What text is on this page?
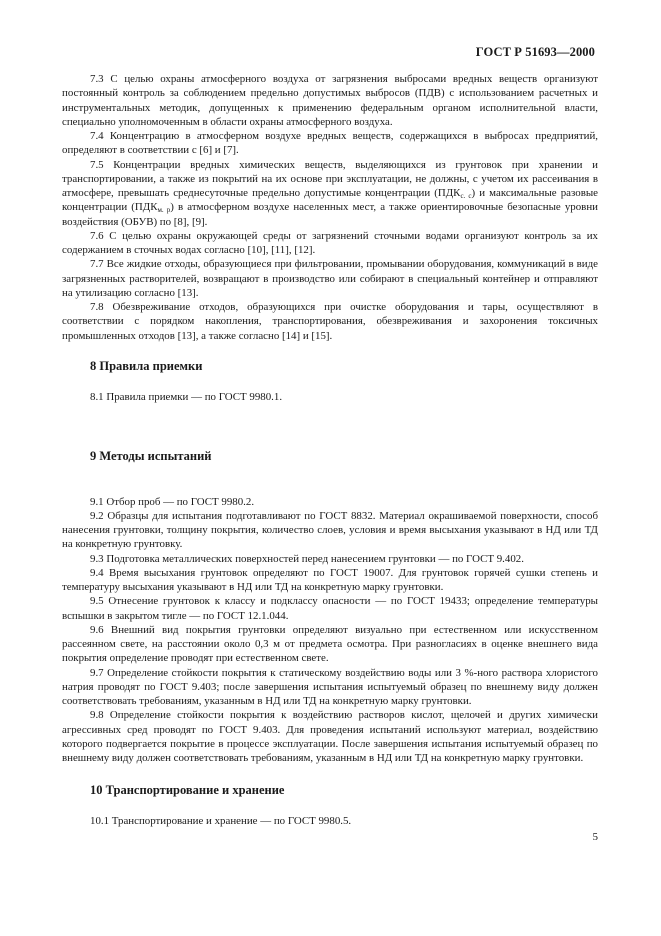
ГОСТ Р 51693—2000

7.3 С целью охраны атмосферного воздуха от загрязнения выбросами вредных веществ организуют постоянный контроль за соблюдением предельно допустимых выбросов (ПДВ) с использованием расчетных и инструментальных методик, допущенных к применению федеральным органом исполнительной власти, специально уполномоченным в области охраны атмосферного воздуха.

7.4 Концентрацию в атмосферном воздухе вредных веществ, содержащихся в выбросах предприятий, определяют в соответствии с [6] и [7].

7.5 Концентрации вредных химических веществ, выделяющихся из грунтовок при хранении и транспортировании, а также из покрытий на их основе при эксплуатации, не должны, с учетом их рассеивания в атмосфере, превышать среднесуточные предельно допустимые концентрации $(ПДК_{с. с})$ и максимальные разовые концентрации $(ПДК_{м. р})$ в атмосферном воздухе населенных мест, а также ориентировочные безопасные уровни воздействия (ОБУВ) по [8], [9].

7.6 С целью охраны окружающей среды от загрязнений сточными водами организуют контроль за их содержанием в сточных водах согласно [10], [11], [12].

7.7 Все жидкие отходы, образующиеся при фильтровании, промывании оборудования, коммуникаций в виде загрязненных растворителей, возвращают в производство или собирают в специальный контейнер и отправляют на утилизацию согласно [13].

7.8 Обезвреживание отходов, образующихся при очистке оборудования и тары, осуществляют в соответствии с порядком накопления, транспортирования, обезвреживания и захоронения токсичных промышленных отходов [13], а также согласно [14] и [15].

8 Правила приемки

8.1 Правила приемки — по ГОСТ 9980.1.

9 Методы испытаний

9.1 Отбор проб — по ГОСТ 9980.2.

9.2 Образцы для испытания подготавливают по ГОСТ 8832. Материал окрашиваемой поверхности, способ нанесения грунтовки, толщину покрытия, количество слоев, условия и время высыхания указывают в НД или ТД на конкретную грунтовку.

9.3 Подготовка металлических поверхностей перед нанесением грунтовки — по ГОСТ 9.402.

9.4 Время высыхания грунтовок определяют по ГОСТ 19007. Для грунтовок горячей сушки степень и температуру высыхания указывают в НД или ТД на конкретную марку грунтовки.

9.5 Отнесение грунтовок к классу и подклассу опасности — по ГОСТ 19433; определение температуры вспышки в закрытом тигле — по ГОСТ 12.1.044.

9.6 Внешний вид покрытия грунтовки определяют визуально при естественном или искусственном рассеянном свете, на расстоянии около 0,3 м от предмета осмотра. При разногласиях в оценке внешнего вида покрытия определение проводят при естественном свете.

9.7 Определение стойкости покрытия к статическому воздействию воды или 3 %-ного раствора хлористого натрия проводят по ГОСТ 9.403; после завершения испытания испытуемый образец по внешнему виду должен соответствовать требованиям, указанным в НД или ТД на конкретную марку грунтовки.

9.8 Определение стойкости покрытия к воздействию растворов кислот, щелочей и других химически агрессивных сред проводят по ГОСТ 9.403. Для проведения испытаний используют материал, воздействию которого подвергается покрытие в процессе эксплуатации. После завершения испытания испытуемый образец по внешнему виду должен соответствовать требованиям, указанным в НД или ТД на конкретную марку грунтовки.

10 Транспортирование и хранение

10.1 Транспортирование и хранение — по ГОСТ 9980.5.

5
